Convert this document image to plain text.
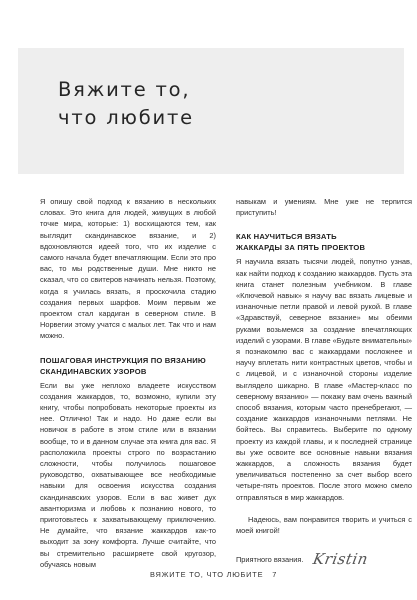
Вяжите то,
что любите

Я опишу свой подход к вязанию в нескольких словах. Это книга для людей, живущих в любой точке мира, которые: 1) восхищаются тем, как выглядит скандинавское вязание, и 2) вдохновляются идеей того, что их изделие с самого начала будет впечатляющим. Если это про вас, то мы родственные души. Мне никто не сказал, что со свитеров начинать нельзя. Поэтому, когда я училась вязать, я проскочила стадию создания первых шарфов. Моим первым же проектом стал кардиган в северном стиле. В Норвегии этому учатся с малых лет. Так что и нам можно.

ПОШАГОВАЯ ИНСТРУКЦИЯ ПО ВЯЗАНИЮ
СКАНДИНАВСКИХ УЗОРОВ

Если вы уже неплохо владеете искусством создания жаккардов, то, возможно, купили эту книгу, чтобы попробовать некоторые проекты из нее. Отлично! Так и надо. Но даже если вы новичок в работе в этом стиле или в вязании вообще, то и в данном случае эта книга для вас. Я расположила проекты строго по возрастанию сложности, чтобы получилось пошаговое руководство, охватывающее все необходимые навыки для освоения искусства создания скандинавских узоров. Если в вас живет дух авантюризма и любовь к познанию нового, то приготовьтесь к захватывающему приключению. Не думайте, что вязание жаккардов как-то выходит за зону комфорта. Лучше считайте, что вы стремительно расширяете свой кругозор, обучаясь новым

навыкам и умениям. Мне уже не терпится приступить!

КАК НАУЧИТЬСЯ ВЯЗАТЬ
ЖАККАРДЫ ЗА ПЯТЬ ПРОЕКТОВ

Я научила вязать тысячи людей, попутно узнав, как найти подход к созданию жаккардов. Пусть эта книга станет полезным учебником. В главе «Ключевой навык» я научу вас вязать лицевые и изнаночные петли правой и левой рукой. В главе «Здравствуй, северное вязание» мы обеими руками возьмемся за создание впечатляющих изделий с узорами. В главе «Будьте внимательны» я познакомлю вас с жаккардами посложнее и научу вплетать нити контрастных цветов, чтобы и с лицевой, и с изнаночной стороны изделие выглядело шикарно. В главе «Мастер-класс по северному вязанию» — покажу вам очень важный способ вязания, которым часто пренебрегают, — создание жаккардов изнаночными петлями. Не бойтесь. Вы справитесь. Выберите по одному проекту из каждой главы, и к последней странице вы уже освоите все основные навыки вязания жаккардов, а сложность вязания будет увеличиваться постепенно за счет выбор всего четыре-пять проектов. После этого можно смело отправляться в мир жаккардов.

Надеюсь, вам понравится творить и учиться с моей книгой!

Приятного вязания. Kristin
ВЯЖИТЕ ТО, ЧТО ЛЮБИТЕ 7
